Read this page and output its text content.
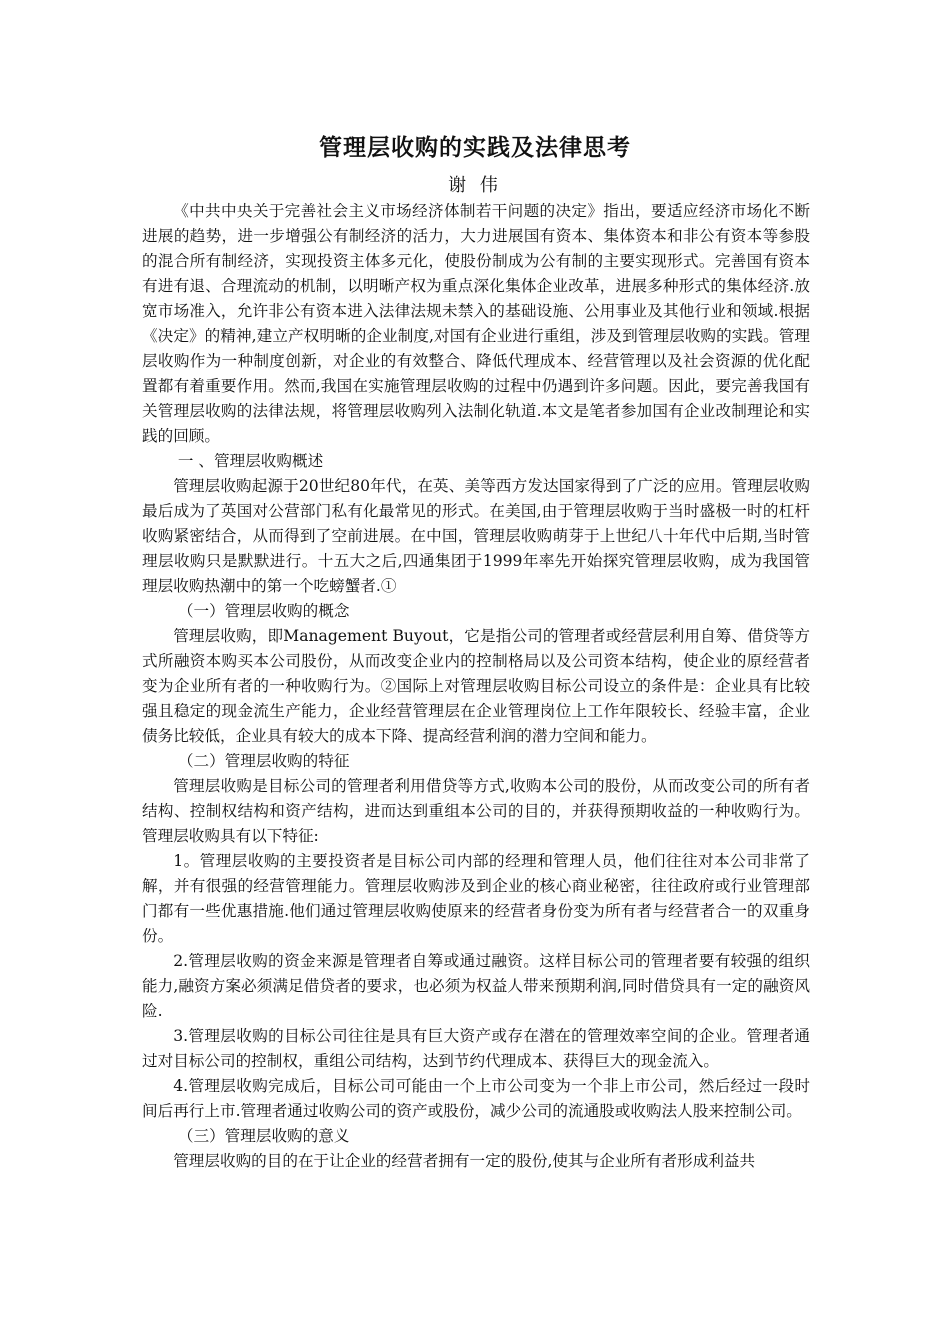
管理层收购的实践及法律思考
谢 伟

《中共中央关于完善社会主义市场经济体制若干问题的决定》指出，要适应经济市场化不断进展的趋势，进一步增强公有制经济的活力，大力进展国有资本、集体资本和非公有资本等参股的混合所有制经济，实现投资主体多元化，使股份制成为公有制的主要实现形式。完善国有资本有进有退、合理流动的机制，以明晰产权为重点深化集体企业改革，进展多种形式的集体经济.放宽市场准入，允许非公有资本进入法律法规未禁入的基础设施、公用事业及其他行业和领域.根据《决定》的精神,建立产权明晰的企业制度,对国有企业进行重组，涉及到管理层收购的实践。管理层收购作为一种制度创新，对企业的有效整合、降低代理成本、经营管理以及社会资源的优化配置都有着重要作用。然而,我国在实施管理层收购的过程中仍遇到许多问题。因此，要完善我国有关管理层收购的法律法规，将管理层收购列入法制化轨道.本文是笔者参加国有企业改制理论和实践的回顾。

一 、管理层收购概述

管理层收购起源于20世纪80年代，在英、美等西方发达国家得到了广泛的应用。管理层收购最后成为了英国对公营部门私有化最常见的形式。在美国,由于管理层收购于当时盛极一时的杠杆收购紧密结合，从而得到了空前进展。在中国，管理层收购萌芽于上世纪八十年代中后期,当时管理层收购只是默默进行。十五大之后,四通集团于1999年率先开始探究管理层收购，成为我国管理层收购热潮中的第一个吃螃蟹者.①

（一）管理层收购的概念

管理层收购，即Management Buyout，它是指公司的管理者或经营层利用自筹、借贷等方式所融资本购买本公司股份，从而改变企业内的控制格局以及公司资本结构，使企业的原经营者变为企业所有者的一种收购行为。②国际上对管理层收购目标公司设立的条件是：企业具有比较强且稳定的现金流生产能力，企业经营管理层在企业管理岗位上工作年限较长、经验丰富，企业债务比较低，企业具有较大的成本下降、提高经营利润的潜力空间和能力。

（二）管理层收购的特征

管理层收购是目标公司的管理者利用借贷等方式,收购本公司的股份，从而改变公司的所有者结构、控制权结构和资产结构，进而达到重组本公司的目的，并获得预期收益的一种收购行为。管理层收购具有以下特征:

1。管理层收购的主要投资者是目标公司内部的经理和管理人员，他们往往对本公司非常了解，并有很强的经营管理能力。管理层收购涉及到企业的核心商业秘密，往往政府或行业管理部门都有一些优惠措施.他们通过管理层收购使原来的经营者身份变为所有者与经营者合一的双重身份。

2.管理层收购的资金来源是管理者自筹或通过融资。这样目标公司的管理者要有较强的组织能力,融资方案必须满足借贷者的要求，也必须为权益人带来预期利润,同时借贷具有一定的融资风险.

3.管理层收购的目标公司往往是具有巨大资产或存在潜在的管理效率空间的企业。管理者通过对目标公司的控制权，重组公司结构，达到节约代理成本、获得巨大的现金流入。

4.管理层收购完成后，目标公司可能由一个上市公司变为一个非上市公司，然后经过一段时间后再行上市.管理者通过收购公司的资产或股份，减少公司的流通股或收购法人股来控制公司。

（三）管理层收购的意义

管理层收购的目的在于让企业的经营者拥有一定的股份,使其与企业所有者形成利益共
